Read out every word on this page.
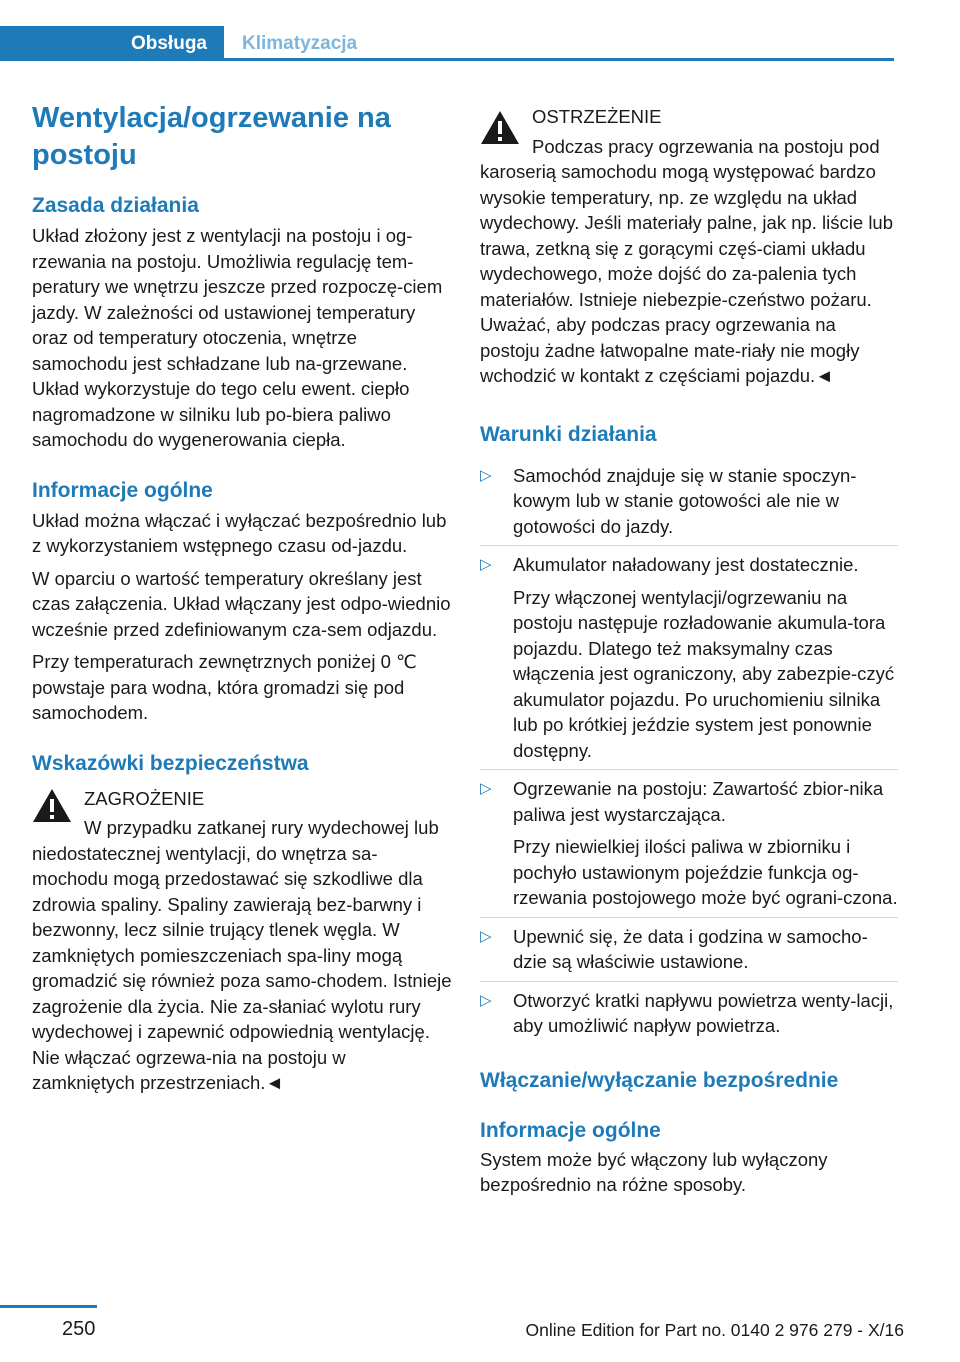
Obsługa	Klimatyzacja
Wentylacja/ogrzewanie na postoju
Zasada działania

Układ złożony jest z wentylacji na postoju i og-rzewania na postoju. Umożliwia regulację tem-peratury we wnętrzu jeszcze przed rozpoczę-ciem jazdy. W zależności od ustawionej temperatury oraz od temperatury otoczenia, wnętrze samochodu jest schładzane lub na-grzewane. Układ wykorzystuje do tego celu ewent. ciepło nagromadzone w silniku lub po-biera paliwo samochodu do wygenerowania ciepła.

Informacje ogólne

Układ można włączać i wyłączać bezpośrednio lub z wykorzystaniem wstępnego czasu od-jazdu.

W oparciu o wartość temperatury określany jest czas załączenia. Układ włączany jest odpo-wiednio wcześnie przed zdefiniowanym cza-sem odjazdu.

Przy temperaturach zewnętrznych poniżej 0 ℃ powstaje para wodna, która gromadzi się pod samochodem.

Wskazówki bezpieczeństwa
ZAGROŻENIE
W przypadku zatkanej rury wydechowej lub niedostatecznej wentylacji, do wnętrza sa-mochodu mogą przedostawać się szkodliwe dla zdrowia spaliny. Spaliny zawierają bez-barwny i bezwonny, lecz silnie trujący tlenek węgla. W zamkniętych pomieszczeniach spa-liny mogą gromadzić się również poza samo-chodem. Istnieje zagrożenie dla życia. Nie za-słaniać wylotu rury wydechowej i zapewnić odpowiednią wentylację. Nie włączać ogrzewa-nia na postoju w zamkniętych przestrzeniach.◄
OSTRZEŻENIE
Podczas pracy ogrzewania na postoju pod karoserią samochodu mogą występować bardzo wysokie temperatury, np. ze względu na układ wydechowy. Jeśli materiały palne, jak np. liście lub trawa, zetkną się z gorącymi częś-ciami układu wydechowego, może dojść do za-palenia tych materiałów. Istnieje niebezpie-czeństwo pożaru. Uważać, aby podczas pracy ogrzewania na postoju żadne łatwopalne mate-riały nie mogły wchodzić w kontakt z częściami pojazdu.◄
Warunki działania
▷ Samochód znajduje się w stanie spoczyn-kowym lub w stanie gotowości ale nie w gotowości do jazdy.
▷ Akumulator naładowany jest dostatecznie.
Przy włączonej wentylacji/ogrzewaniu na postoju następuje rozładowanie akumula-tora pojazdu. Dlatego też maksymalny czas włączenia jest ograniczony, aby zabezpie-czyć akumulator pojazdu. Po uruchomieniu silnika lub po krótkiej jeździe system jest ponownie dostępny.
▷ Ogrzewanie na postoju: Zawartość zbior-nika paliwa jest wystarczająca.
Przy niewielkiej ilości paliwa w zbiorniku i pochyło ustawionym pojeździe funkcja og-rzewania postojowego może być ograni-czona.
▷ Upewnić się, że data i godzina w samocho-dzie są właściwie ustawione.
▷ Otworzyć kratki napływu powietrza wenty-lacji, aby umożliwić napływ powietrza.
Włączanie/wyłączanie bezpośrednie
Informacje ogólne

System może być włączony lub wyłączony bezpośrednio na różne sposoby.

250	Online Edition for Part no. 0140 2 976 279 - X/16
